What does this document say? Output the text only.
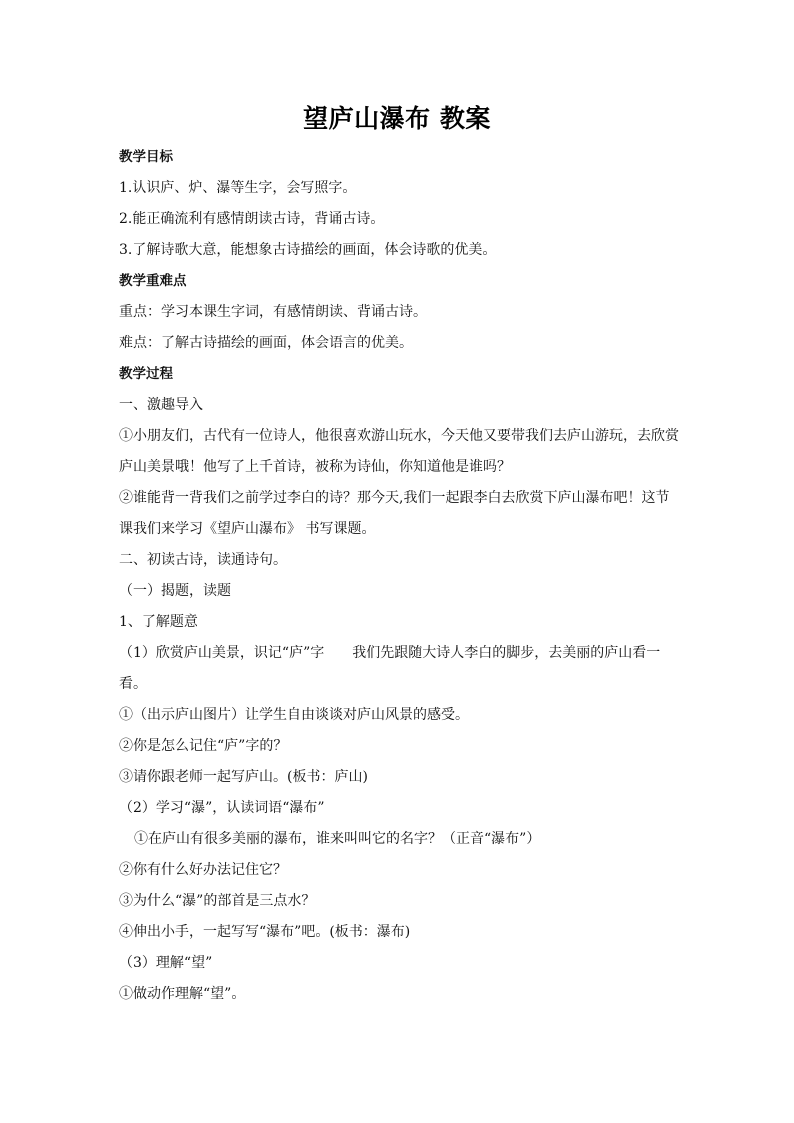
望庐山瀑布 教案
教学目标
1.认识庐、炉、瀑等生字，会写照字。
2.能正确流利有感情朗读古诗，背诵古诗。
3.了解诗歌大意，能想象古诗描绘的画面，体会诗歌的优美。
教学重难点
重点：学习本课生字词，有感情朗读、背诵古诗。
难点：了解古诗描绘的画面，体会语言的优美。
教学过程
一、激趣导入
①小朋友们，古代有一位诗人，他很喜欢游山玩水，今天他又要带我们去庐山游玩，去欣赏
庐山美景哦！他写了上千首诗，被称为诗仙，你知道他是谁吗？
②谁能背一背我们之前学过李白的诗？那今天,我们一起跟李白去欣赏下庐山瀑布吧！这节
课我们来学习《望庐山瀑布》 书写课题。
二、初读古诗，读通诗句。
（一）揭题，读题
1、了解题意
（1）欣赏庐山美景，识记“庐”字 我们先跟随大诗人李白的脚步，去美丽的庐山看一
看。
①（出示庐山图片）让学生自由谈谈对庐山风景的感受。
②你是怎么记住“庐”字的？
③请你跟老师一起写庐山。(板书：庐山)
（2）学习“瀑”，认读词语“瀑布”
①在庐山有很多美丽的瀑布，谁来叫叫它的名字？（正音“瀑布”）
②你有什么好办法记住它？
③为什么“瀑”的部首是三点水？
④伸出小手，一起写写“瀑布”吧。(板书：瀑布)
（3）理解“望”
①做动作理解“望”。
